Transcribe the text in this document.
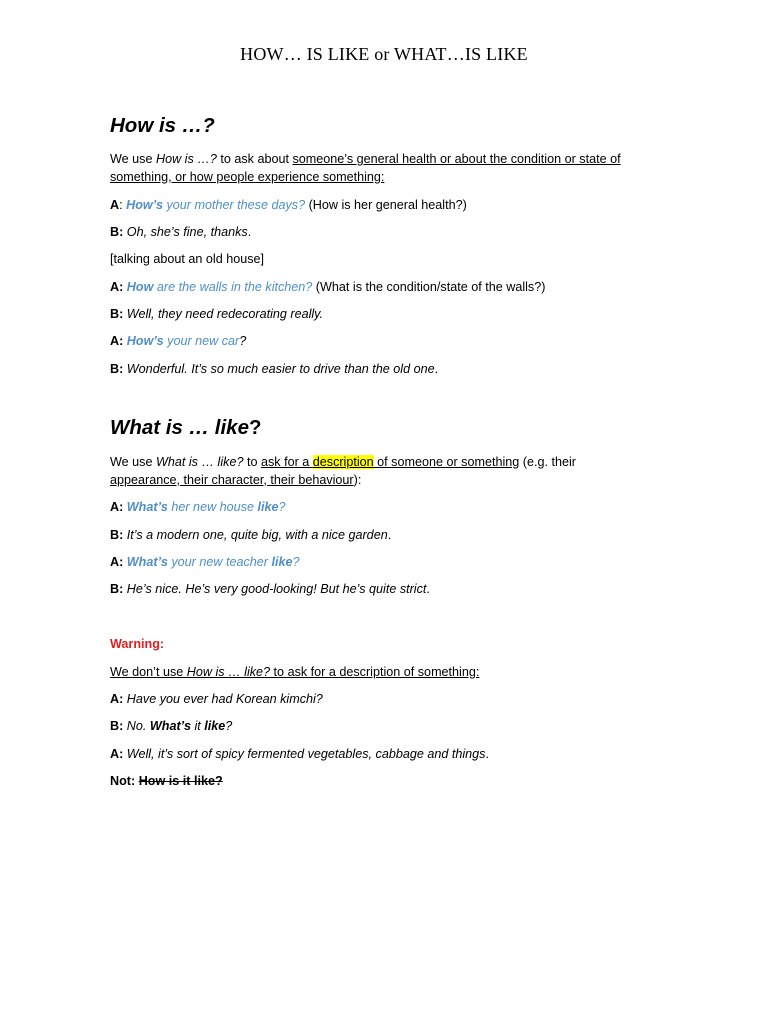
HOW… IS LIKE or WHAT…IS LIKE
How is …?
We use How is …? to ask about someone’s general health or about the condition or state of
something, or how people experience something:
A: How’s your mother these days? (How is her general health?)
B: Oh, she’s fine, thanks.
[talking about an old house]
A: How are the walls in the kitchen? (What is the condition/state of the walls?)
B: Well, they need redecorating really.
A: How’s your new car?
B: Wonderful. It’s so much easier to drive than the old one.
What is … like?
We use What is … like? to ask for a description of someone or something (e.g. their
appearance, their character, their behaviour):
A: What’s her new house like?
B: It’s a modern one, quite big, with a nice garden.
A: What’s your new teacher like?
B: He’s nice. He’s very good-looking! But he’s quite strict.
Warning:
We don’t use How is … like? to ask for a description of something:
A: Have you ever had Korean kimchi?
B: No. What’s it like?
A: Well, it’s sort of spicy fermented vegetables, cabbage and things.
Not: How is it like?
